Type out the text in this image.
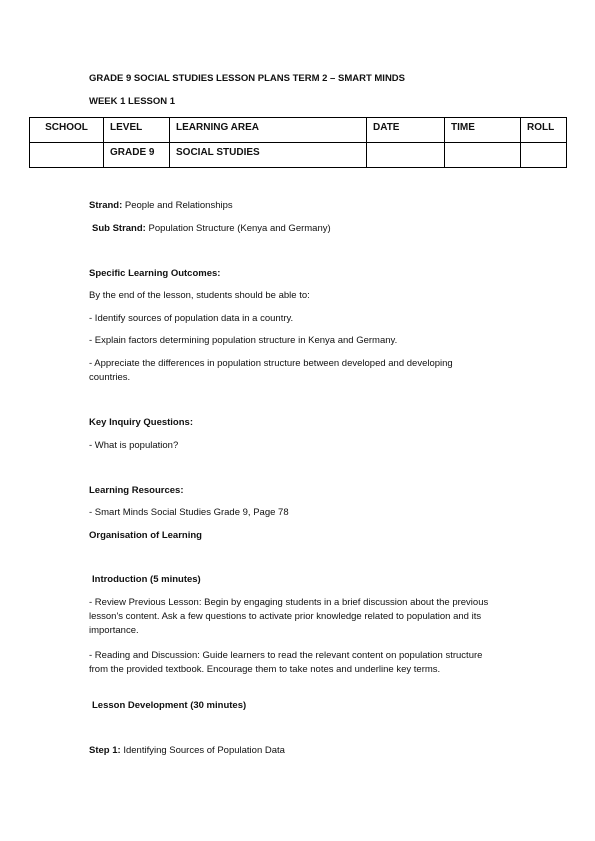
GRADE 9 SOCIAL STUDIES LESSON PLANS TERM 2 – SMART MINDS
WEEK 1 LESSON 1
SCHOOL	LEVEL	LEARNING AREA	DATE	TIME	ROLL
	GRADE 9	SOCIAL STUDIES			
Strand: People and Relationships
Sub Strand: Population Structure (Kenya and Germany)
Specific Learning Outcomes:
By the end of the lesson, students should be able to:
- Identify sources of population data in a country.
- Explain factors determining population structure in Kenya and Germany.
- Appreciate the differences in population structure between developed and developing countries.
Key Inquiry Questions:
- What is population?
Learning Resources:
- Smart Minds Social Studies Grade 9, Page 78
Organisation of Learning
Introduction (5 minutes)
- Review Previous Lesson: Begin by engaging students in a brief discussion about the previous lesson's content. Ask a few questions to activate prior knowledge related to population and its importance.
- Reading and Discussion: Guide learners to read the relevant content on population structure from the provided textbook. Encourage them to take notes and underline key terms.
Lesson Development (30 minutes)
Step 1: Identifying Sources of Population Data
